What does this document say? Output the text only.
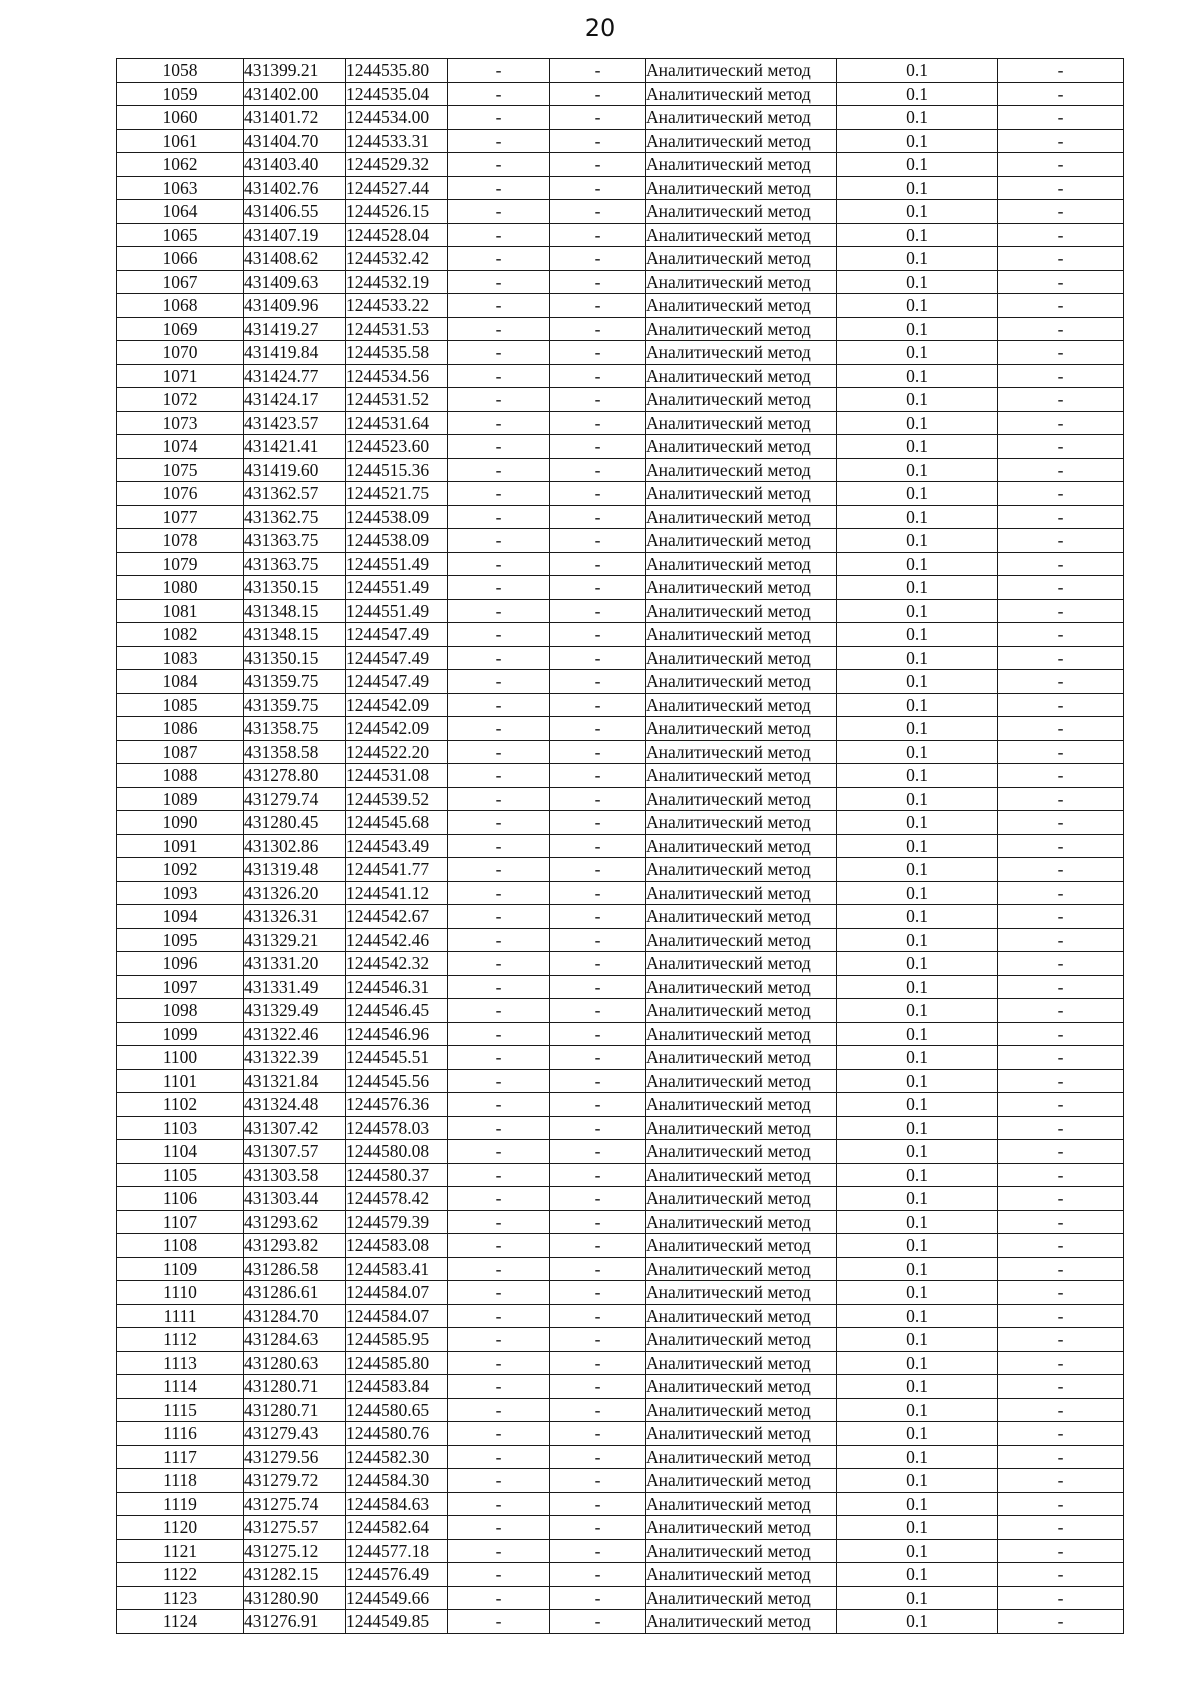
20
1058	431399.21	1244535.80	-	-	Аналитический метод	0.1	-
1059	431402.00	1244535.04	-	-	Аналитический метод	0.1	-
1060	431401.72	1244534.00	-	-	Аналитический метод	0.1	-
1061	431404.70	1244533.31	-	-	Аналитический метод	0.1	-
1062	431403.40	1244529.32	-	-	Аналитический метод	0.1	-
1063	431402.76	1244527.44	-	-	Аналитический метод	0.1	-
1064	431406.55	1244526.15	-	-	Аналитический метод	0.1	-
1065	431407.19	1244528.04	-	-	Аналитический метод	0.1	-
1066	431408.62	1244532.42	-	-	Аналитический метод	0.1	-
1067	431409.63	1244532.19	-	-	Аналитический метод	0.1	-
1068	431409.96	1244533.22	-	-	Аналитический метод	0.1	-
1069	431419.27	1244531.53	-	-	Аналитический метод	0.1	-
1070	431419.84	1244535.58	-	-	Аналитический метод	0.1	-
1071	431424.77	1244534.56	-	-	Аналитический метод	0.1	-
1072	431424.17	1244531.52	-	-	Аналитический метод	0.1	-
1073	431423.57	1244531.64	-	-	Аналитический метод	0.1	-
1074	431421.41	1244523.60	-	-	Аналитический метод	0.1	-
1075	431419.60	1244515.36	-	-	Аналитический метод	0.1	-
1076	431362.57	1244521.75	-	-	Аналитический метод	0.1	-
1077	431362.75	1244538.09	-	-	Аналитический метод	0.1	-
1078	431363.75	1244538.09	-	-	Аналитический метод	0.1	-
1079	431363.75	1244551.49	-	-	Аналитический метод	0.1	-
1080	431350.15	1244551.49	-	-	Аналитический метод	0.1	-
1081	431348.15	1244551.49	-	-	Аналитический метод	0.1	-
1082	431348.15	1244547.49	-	-	Аналитический метод	0.1	-
1083	431350.15	1244547.49	-	-	Аналитический метод	0.1	-
1084	431359.75	1244547.49	-	-	Аналитический метод	0.1	-
1085	431359.75	1244542.09	-	-	Аналитический метод	0.1	-
1086	431358.75	1244542.09	-	-	Аналитический метод	0.1	-
1087	431358.58	1244522.20	-	-	Аналитический метод	0.1	-
1088	431278.80	1244531.08	-	-	Аналитический метод	0.1	-
1089	431279.74	1244539.52	-	-	Аналитический метод	0.1	-
1090	431280.45	1244545.68	-	-	Аналитический метод	0.1	-
1091	431302.86	1244543.49	-	-	Аналитический метод	0.1	-
1092	431319.48	1244541.77	-	-	Аналитический метод	0.1	-
1093	431326.20	1244541.12	-	-	Аналитический метод	0.1	-
1094	431326.31	1244542.67	-	-	Аналитический метод	0.1	-
1095	431329.21	1244542.46	-	-	Аналитический метод	0.1	-
1096	431331.20	1244542.32	-	-	Аналитический метод	0.1	-
1097	431331.49	1244546.31	-	-	Аналитический метод	0.1	-
1098	431329.49	1244546.45	-	-	Аналитический метод	0.1	-
1099	431322.46	1244546.96	-	-	Аналитический метод	0.1	-
1100	431322.39	1244545.51	-	-	Аналитический метод	0.1	-
1101	431321.84	1244545.56	-	-	Аналитический метод	0.1	-
1102	431324.48	1244576.36	-	-	Аналитический метод	0.1	-
1103	431307.42	1244578.03	-	-	Аналитический метод	0.1	-
1104	431307.57	1244580.08	-	-	Аналитический метод	0.1	-
1105	431303.58	1244580.37	-	-	Аналитический метод	0.1	-
1106	431303.44	1244578.42	-	-	Аналитический метод	0.1	-
1107	431293.62	1244579.39	-	-	Аналитический метод	0.1	-
1108	431293.82	1244583.08	-	-	Аналитический метод	0.1	-
1109	431286.58	1244583.41	-	-	Аналитический метод	0.1	-
1110	431286.61	1244584.07	-	-	Аналитический метод	0.1	-
1111	431284.70	1244584.07	-	-	Аналитический метод	0.1	-
1112	431284.63	1244585.95	-	-	Аналитический метод	0.1	-
1113	431280.63	1244585.80	-	-	Аналитический метод	0.1	-
1114	431280.71	1244583.84	-	-	Аналитический метод	0.1	-
1115	431280.71	1244580.65	-	-	Аналитический метод	0.1	-
1116	431279.43	1244580.76	-	-	Аналитический метод	0.1	-
1117	431279.56	1244582.30	-	-	Аналитический метод	0.1	-
1118	431279.72	1244584.30	-	-	Аналитический метод	0.1	-
1119	431275.74	1244584.63	-	-	Аналитический метод	0.1	-
1120	431275.57	1244582.64	-	-	Аналитический метод	0.1	-
1121	431275.12	1244577.18	-	-	Аналитический метод	0.1	-
1122	431282.15	1244576.49	-	-	Аналитический метод	0.1	-
1123	431280.90	1244549.66	-	-	Аналитический метод	0.1	-
1124	431276.91	1244549.85	-	-	Аналитический метод	0.1	-
